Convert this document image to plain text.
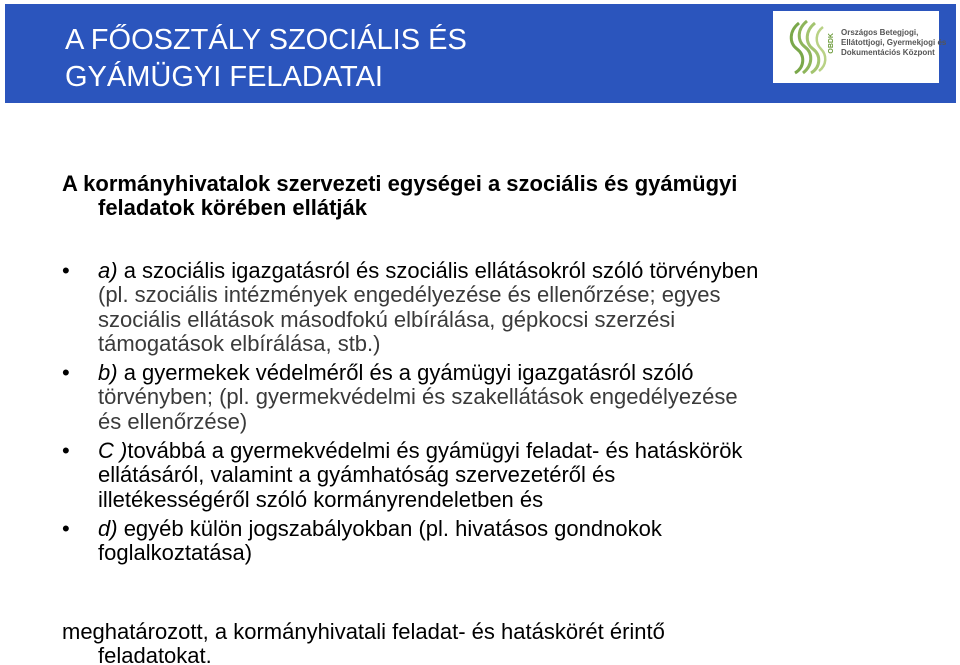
A FŐOSZTÁLY SZOCIÁLIS ÉS
GYÁMÜGYI FELADATAI
OBDK
Országos Betegjogi,
Ellátottjogi, Gyermekjogi és
Dokumentációs Központ
A kormányhivatalok szervezeti egységei a szociális és gyámügyi
feladatok körében ellátják
• a) a szociális igazgatásról és szociális ellátásokról szóló törvényben
(pl. szociális intézmények engedélyezése és ellenőrzése; egyes
szociális ellátások másodfokú elbírálása, gépkocsi szerzési
támogatások elbírálása, stb.)
• b) a gyermekek védelméről és a gyámügyi igazgatásról szóló
törvényben; (pl. gyermekvédelmi és szakellátások engedélyezése
és ellenőrzése)
• C )továbbá a gyermekvédelmi és gyámügyi feladat- és hatáskörök
ellátásáról, valamint a gyámhatóság szervezetéről és
illetékességéről szóló kormányrendeletben és
• d) egyéb külön jogszabályokban (pl. hivatásos gondnokok
foglalkoztatása)
meghatározott, a kormányhivatali feladat- és hatáskörét érintő
feladatokat.
